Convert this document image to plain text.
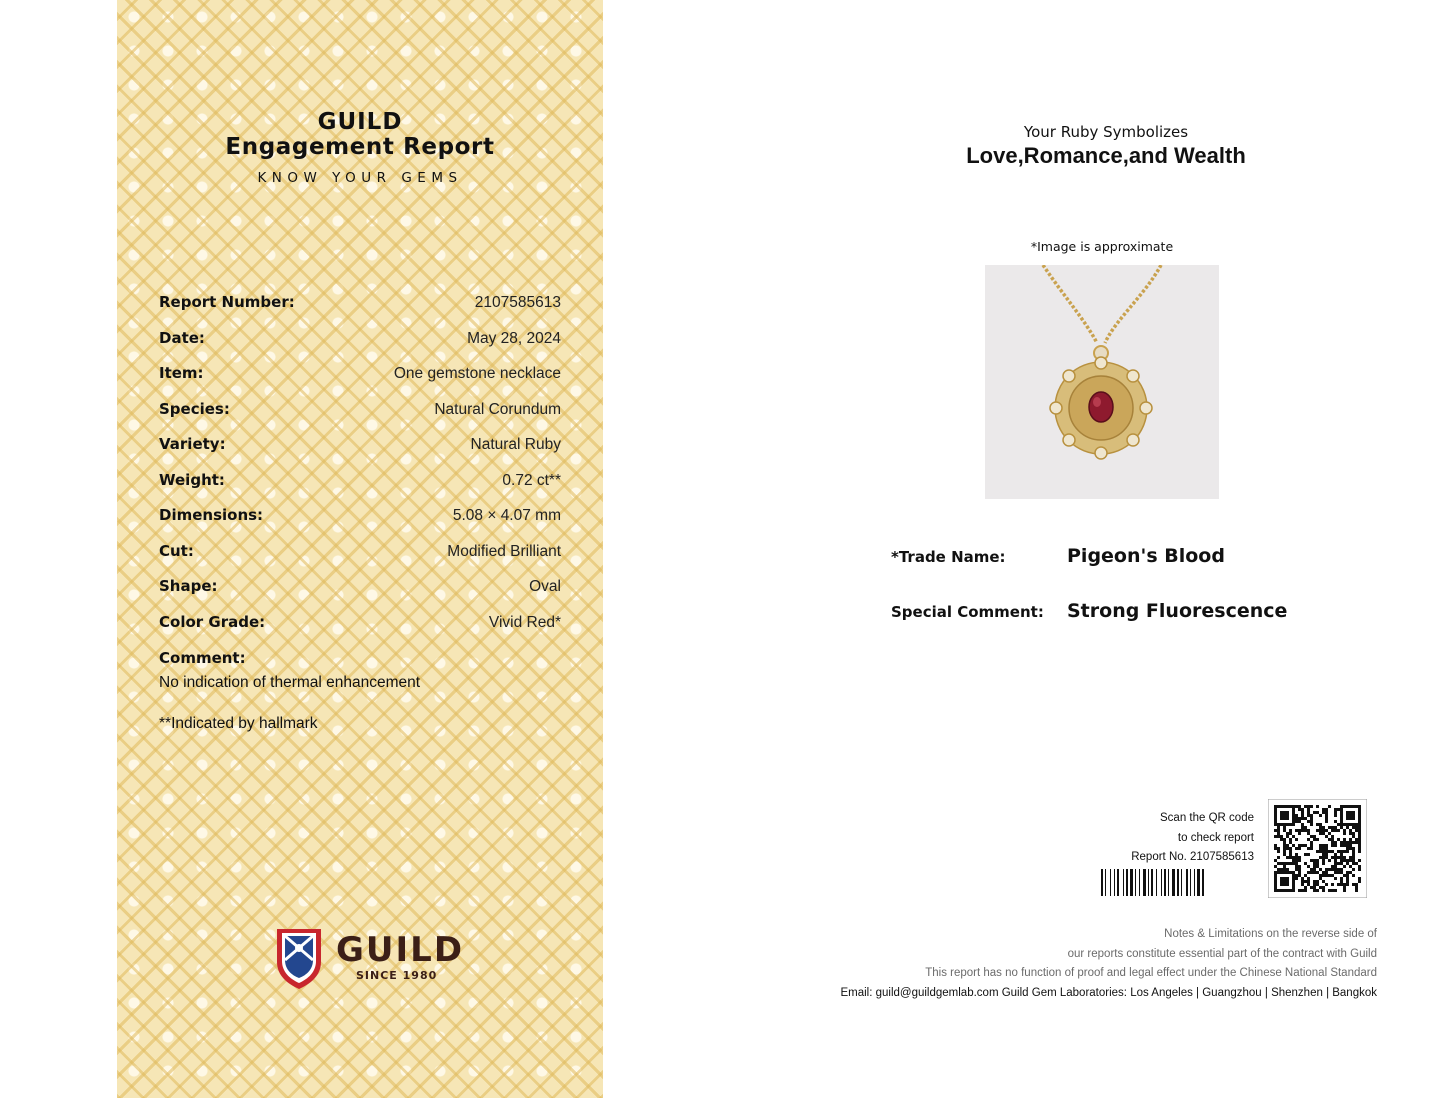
GUILD
Engagement Report
KNOW YOUR GEMS
Report Number:	2107585613
Date:	May 28, 2024
Item:	One gemstone necklace
Species:	Natural Corundum
Variety:	Natural Ruby
Weight:	0.72 ct**
Dimensions:	5.08 × 4.07 mm
Cut:	Modified Brilliant
Shape:	Oval
Color Grade:	Vivid Red*
Comment:
No indication of thermal enhancement
**Indicated by hallmark
GUILD
SINCE 1980
Your Ruby Symbolizes
Love,Romance,and Wealth
*Image is approximate
*Trade Name:	Pigeon's Blood
Special Comment:	Strong Fluorescence
Scan the QR code
to check report
Report No. 2107585613
Notes & Limitations on the reverse side of
our reports constitute essential part of the contract with Guild
This report has no function of proof and legal effect under the Chinese National Standard
Email: guild@guildgemlab.com Guild Gem Laboratories: Los Angeles | Guangzhou | Shenzhen | Bangkok
